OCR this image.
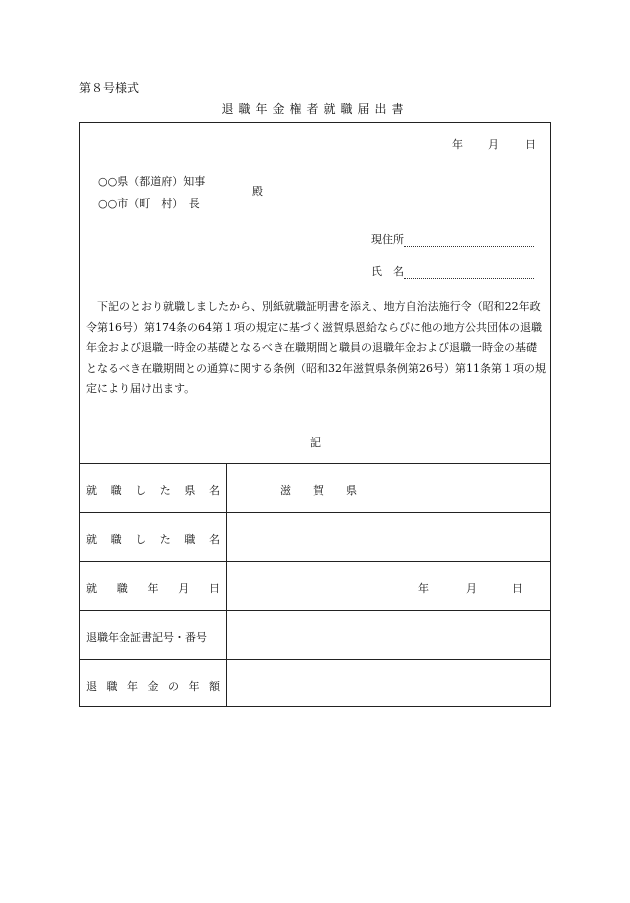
第８号様式
退職年金権者就職届出書
年 月 日
○○県（都道府）知事
○○市（町　村）　長
殿
現住所
氏　名
　下記のとおり就職しましたから、別紙就職証明書を添え、地方自治法施行令（昭和22年政令第16号）第174条の64第１項の規定に基づく滋賀県恩給ならびに他の地方公共団体の退職年金および退職一時金の基礎となるべき在職期間と職員の退職年金および退職一時金の基礎となるべき在職期間との通算に関する条例（昭和32年滋賀県条例第26号）第11条第１項の規定により届け出ます。
記
就 職 し た 県 名	滋　　賀　　県
就 職 し た 職 名
就 職 年 月 日	年	月	日
退職年金証書記号・番号
退 職 年 金 の 年 額
